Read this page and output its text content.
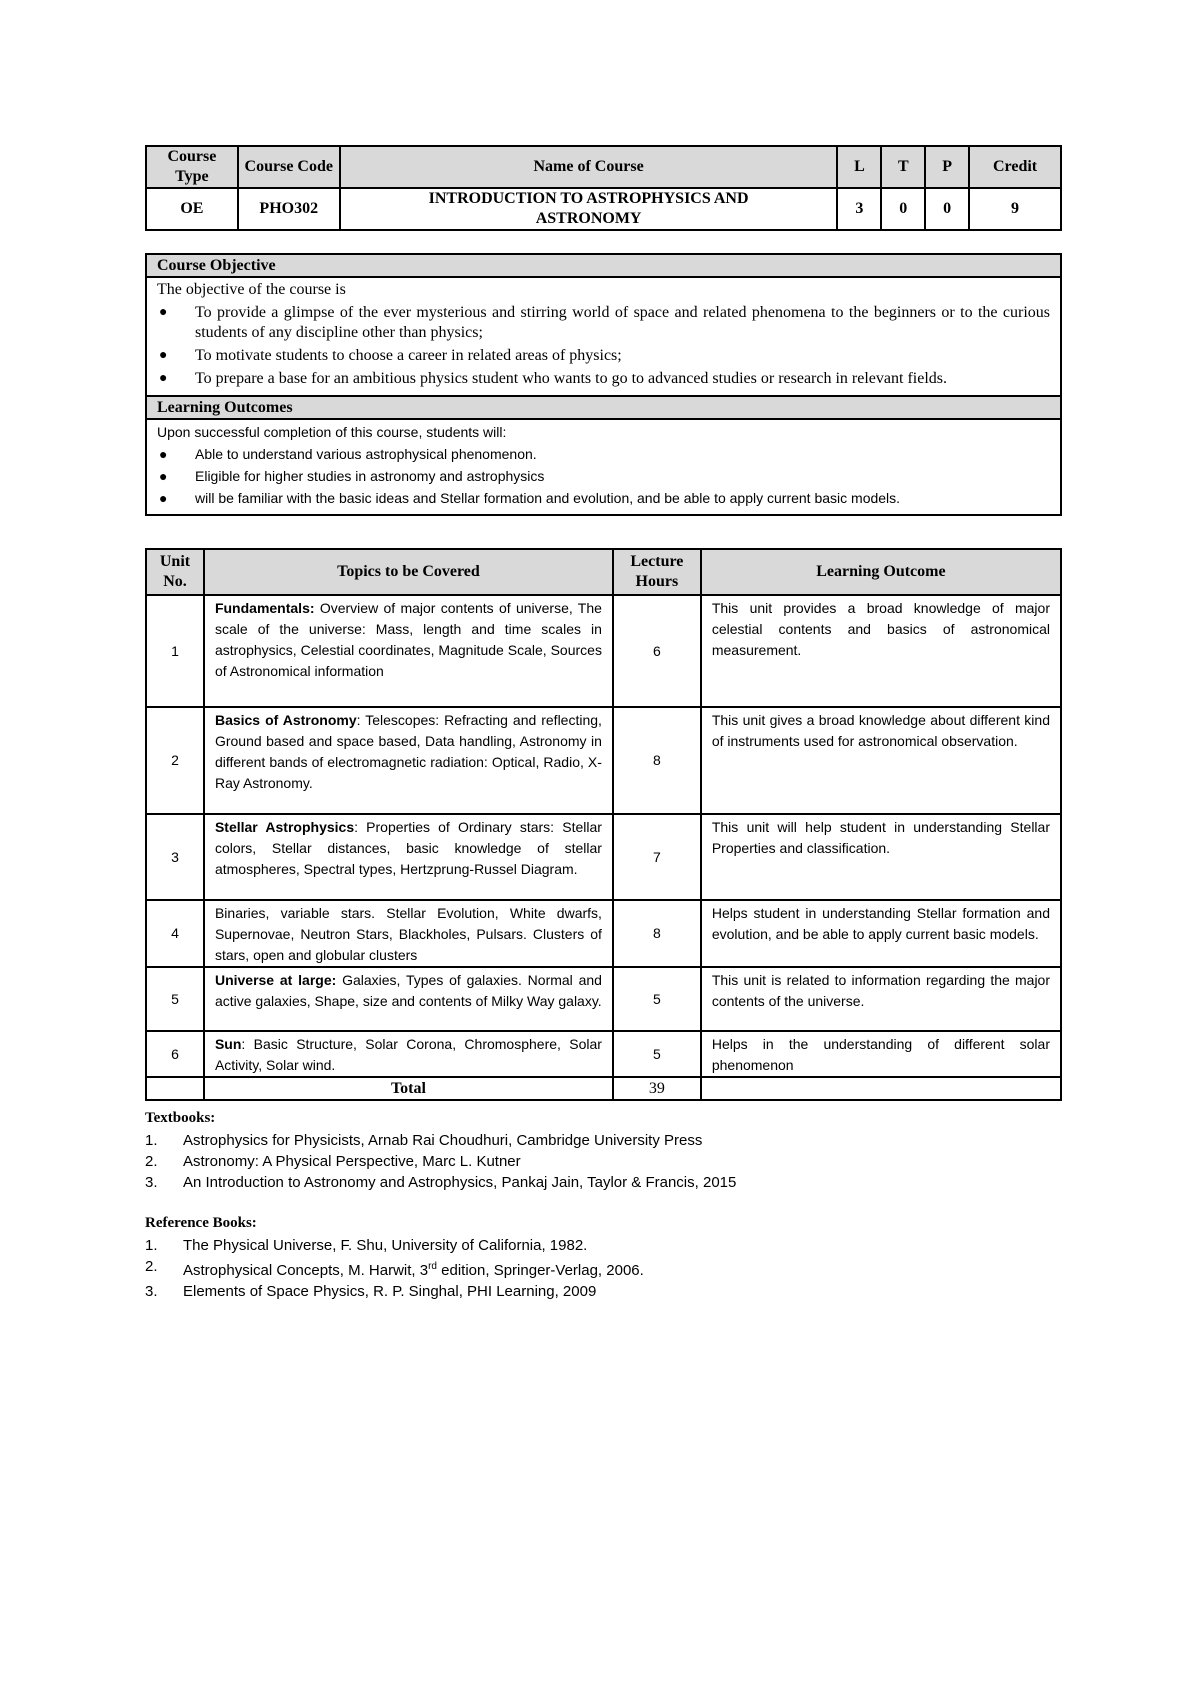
Course Type	Course Code	Name of Course	L	T	P	Credit
OE	PHO302	INTRODUCTION TO ASTROPHYSICS AND ASTRONOMY	3	0	0	9
Course Objective

The objective of the course is
● To provide a glimpse of the ever mysterious and stirring world of space and related phenomena to the beginners or to the curious students of any discipline other than physics;
● To motivate students to choose a career in related areas of physics;
● To prepare a base for an ambitious physics student who wants to go to advanced studies or research in relevant fields.

Learning Outcomes

Upon successful completion of this course, students will:
● Able to understand various astrophysical phenomenon.
● Eligible for higher studies in astronomy and astrophysics
● will be familiar with the basic ideas and Stellar formation and evolution, and be able to apply current basic models.
Unit No.	Topics to be Covered	Lecture Hours	Learning Outcome
1	Fundamentals: Overview of major contents of universe, The scale of the universe: Mass, length and time scales in astrophysics, Celestial coordinates, Magnitude Scale, Sources of Astronomical information	6	This unit provides a broad knowledge of major celestial contents and basics of astronomical measurement.
2	Basics of Astronomy: Telescopes: Refracting and reflecting, Ground based and space based, Data handling, Astronomy in different bands of electromagnetic radiation: Optical, Radio, X-Ray Astronomy.	8	This unit gives a broad knowledge about different kind of instruments used for astronomical observation.
3	Stellar Astrophysics: Properties of Ordinary stars: Stellar colors, Stellar distances, basic knowledge of stellar atmospheres, Spectral types, Hertzprung-Russel Diagram.	7	This unit will help student in understanding Stellar Properties and classification.
4	Binaries, variable stars. Stellar Evolution, White dwarfs, Supernovae, Neutron Stars, Blackholes, Pulsars. Clusters of stars, open and globular clusters	8	Helps student in understanding Stellar formation and evolution, and be able to apply current basic models.
5	Universe at large: Galaxies, Types of galaxies. Normal and active galaxies, Shape, size and contents of Milky Way galaxy.	5	This unit is related to information regarding the major contents of the universe.
6	Sun: Basic Structure, Solar Corona, Chromosphere, Solar Activity, Solar wind.	5	Helps in the understanding of different solar phenomenon
	Total	39	
Textbooks:
1. Astrophysics for Physicists, Arnab Rai Choudhuri, Cambridge University Press
2. Astronomy: A Physical Perspective, Marc L. Kutner
3. An Introduction to Astronomy and Astrophysics, Pankaj Jain, Taylor & Francis, 2015
Reference Books:
1. The Physical Universe, F. Shu, University of California, 1982.
2. Astrophysical Concepts, M. Harwit, 3rd edition, Springer-Verlag, 2006.
3. Elements of Space Physics, R. P. Singhal, PHI Learning, 2009
